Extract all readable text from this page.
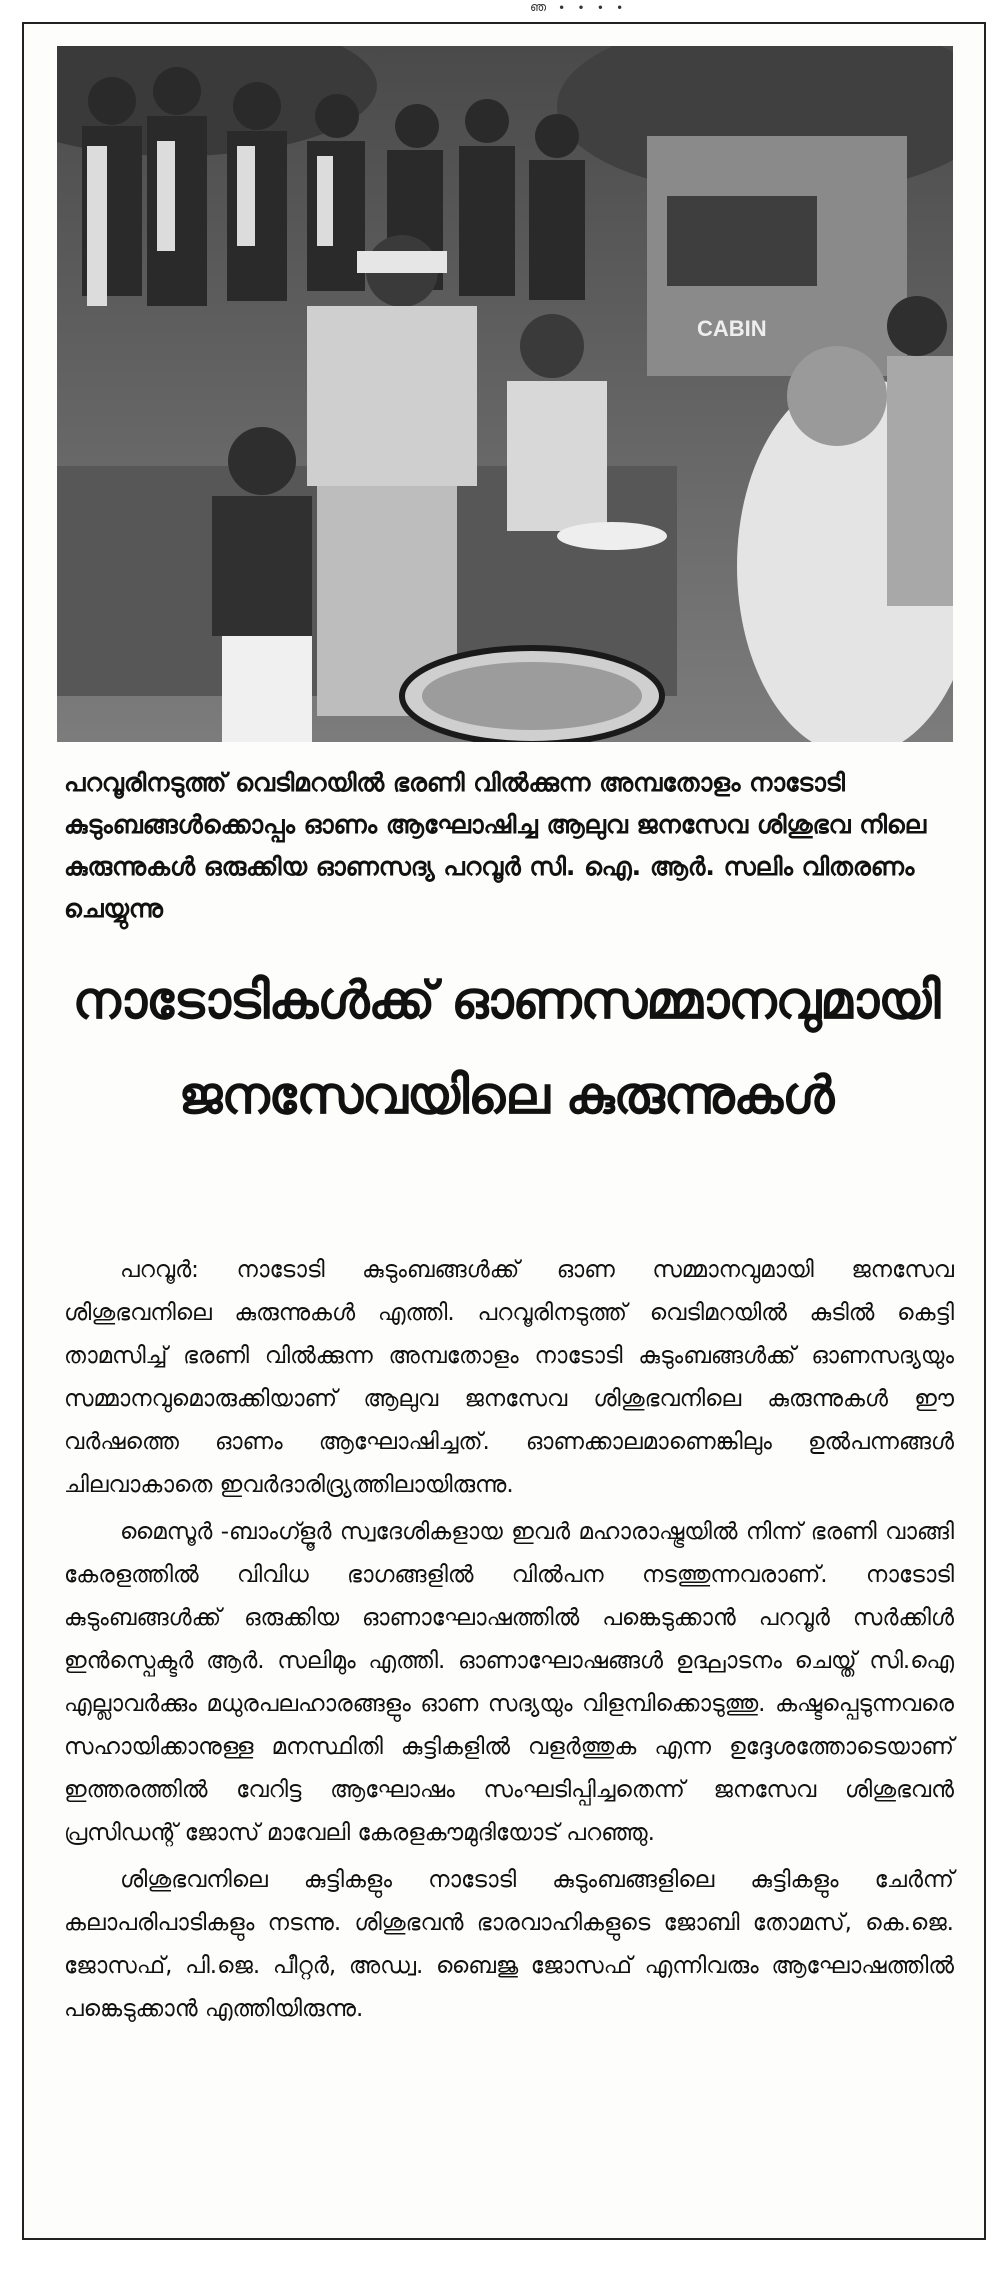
ഞ ∙ ∙ ∙ ∙
CABIN

പറവൂരിനടുത്ത് വെടിമറയിൽ ഭരണി വിൽക്കുന്ന അമ്പതോളം നാടോടി കുടുംബങ്ങൾക്കൊപ്പം ഓണം ആഘോഷിച്ച ആലുവ ജനസേവ ശിശുഭവ നിലെ കുരുന്നുകൾ ഒരുക്കിയ ഓണസദ്യ പറവൂർ സി. ഐ. ആർ. സലിം വിതരണം ചെയ്യുന്നു

നാടോടികൾക്ക് ഓണസമ്മാനവുമായി
ജനസേവയിലെ കുരുന്നുകൾ

പറവൂർ: നാടോടി കുടുംബങ്ങൾക്ക് ഓണ സമ്മാനവുമായി ജനസേവ ശിശുഭവനിലെ കുരുന്നുകൾ എത്തി. പറവൂരിനടുത്ത് വെടിമറയിൽ കുടിൽ കെട്ടി താമസിച്ച് ഭരണി വിൽക്കുന്ന അമ്പതോളം നാടോടി കുടുംബങ്ങൾക്ക് ഓണസദ്യയും സമ്മാനവുമൊരുക്കിയാണ് ആലുവ ജനസേവ ശിശുഭവനിലെ കുരുന്നുകൾ ഈ വർഷത്തെ ഓണം ആഘോഷിച്ചത്. ഓണക്കാലമാണെങ്കിലും ഉൽപന്നങ്ങൾ ചിലവാകാതെ ഇവർദാരിദ്ര്യത്തിലായിരുന്നു.

മൈസൂർ -ബാംഗ്ളൂർ സ്വദേശികളായ ഇവർ മഹാരാഷ്ട്രയിൽ നിന്ന് ഭരണി വാങ്ങി കേരളത്തിൽ വിവിധ ഭാഗങ്ങളിൽ വിൽപന നടത്തുന്നവരാണ്. നാടോടി കുടുംബങ്ങൾക്ക് ഒരുക്കിയ ഓണാഘോഷത്തിൽ പങ്കെടുക്കാൻ പറവൂർ സർക്കിൾ ഇൻസ്പെക്ടർ ആർ. സലിമും എത്തി. ഓണാഘോഷങ്ങൾ ഉദ്ഘാടനം ചെയ്ത് സി.ഐ എല്ലാവർക്കും മധുരപലഹാരങ്ങളും ഓണ സദ്യയും വിളമ്പിക്കൊടുത്തു. കഷ്ടപ്പെടുന്നവരെ സഹായിക്കാനുള്ള മനസ്ഥിതി കുട്ടികളിൽ വളർത്തുക എന്ന ഉദ്ദേശത്തോടെയാണ് ഇത്തരത്തിൽ വേറിട്ട ആഘോഷം സംഘടിപ്പിച്ചതെന്ന് ജനസേവ ശിശുഭവൻ പ്രസിഡന്റ് ജോസ് മാവേലി കേരളകൗമുദിയോട് പറഞ്ഞു.

ശിശുഭവനിലെ കുട്ടികളും നാടോടി കുടുംബങ്ങളിലെ കുട്ടികളും ചേർന്ന് കലാപരിപാടികളും നടന്നു. ശിശുഭവൻ ഭാരവാഹികളുടെ ജോബി തോമസ്, കെ.ജെ. ജോസഫ്, പി.ജെ. പീറ്റർ, അഡ്വ. ബൈജു ജോസഫ് എന്നിവരും ആഘോഷത്തിൽ പങ്കെടുക്കാൻ എത്തിയിരുന്നു.
